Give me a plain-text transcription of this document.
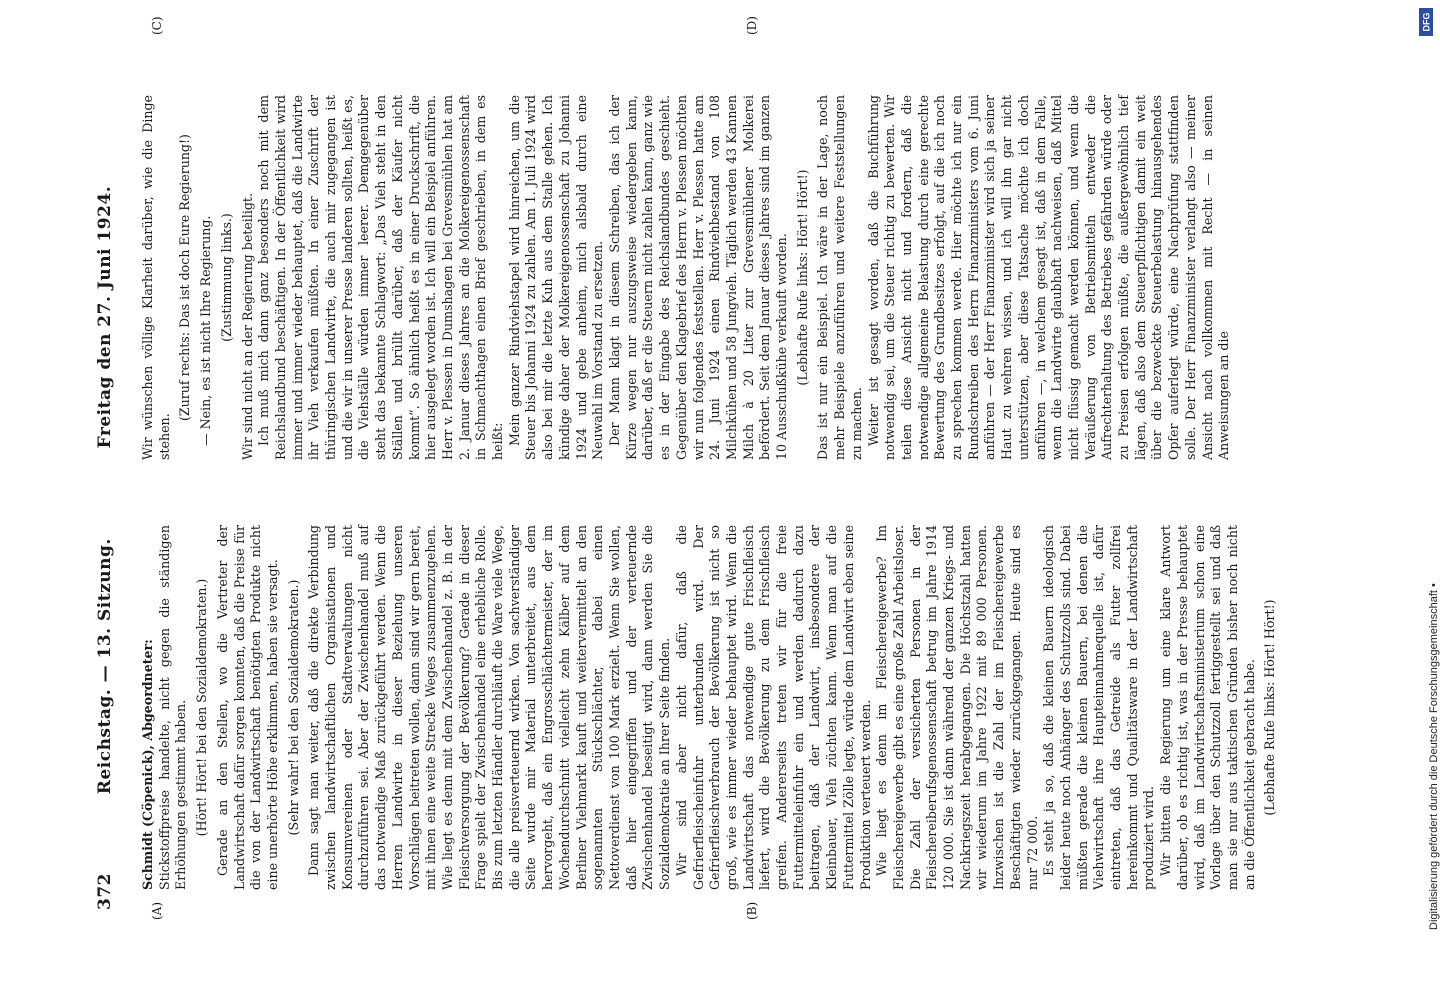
372
Reichstag. — 13. Sitzung.              Freitag den 27. Juni 1924.
(A)	(B)
(C)	(D)

Schmidt (Cöpenick), Abgeordneter: Stickstoffpreise handelte, nicht gegen die ständigen Erhöhungen gestimmt haben. (Hört! Hört! bei den Sozialdemokraten.) Gerade an den Stellen, wo die Vertreter der Landwirtschaft dafür sorgen konnten, daß die Preise für die von der Landwirtschaft benötigten Produkte nicht eine unerhörte Höhe erklimmen, haben sie versagt. (Sehr wahr! bei den Sozialdemokraten.) Dann sagt man weiter, daß die direkte Verbindung zwischen landwirtschaftlichen Organisationen und Konsumvereinen oder Stadtverwaltungen nicht durchzuführen sei. Aber der Zwischenhandel muß auf das notwendige Maß zurückgeführt werden. Wenn die Herren Landwirte in dieser Beziehung unseren Vorschlägen beitreten wollen, dann sind wir gern bereit, mit ihnen eine weite Strecke Weges zusammenzugehen. Wie liegt es denn mit dem Zwischenhandel z. B. in der Fleischversorgung der Bevölkerung? Gerade in dieser Frage spielt der Zwischenhandel eine erhebliche Rolle. Bis zum letzten Händler durchläuft die Ware viele Wege, die alle preisverteuernd wirken. Von sachverständiger Seite wurde mir Material unterbreitet, aus dem hervorgeht, daß ein Engrosschlächtermeister, der im Wochendurchschnitt vielleicht zehn Kälber auf dem Berliner Viehmarkt kauft und weitervermittelt an den sogenannten Stückschlächter, dabei einen Nettoverdienst von 100 Mark erzielt. Wenn Sie wollen, daß hier eingegriffen und der verteuernde Zwischenhandel beseitigt wird, dann werden Sie die Sozialdemokratie an Ihrer Seite finden. Wir sind aber nicht dafür, daß die Gefrierfleischeinfuhr unterbunden wird. Der Gefrierfleischverbrauch der Bevölkerung ist nicht so groß, wie es immer wieder behauptet wird. Wenn die Landwirtschaft das notwendige gute Frischfleisch liefert, wird die Bevölkerung zu dem Frischfleisch greifen. Andererseits treten wir für die freie Futtermitteleinfuhr ein und werden dadurch dazu beitragen, daß der Landwirt, insbesondere der Kleinbauer, Vieh züchten kann. Wenn man auf die Futtermittel Zölle legte, würde dem Landwirt eben seine Produktion verteuert werden. Wie liegt es denn im Fleischereigewerbe? Im Fleischereigewerbe gibt es eine große Zahl Arbeitsloser. Die Zahl der versicherten Personen in der Fleischereiberufsgenossenschaft betrug im Jahre 1914 120 000. Sie ist dann während der ganzen Kriegs- und Nachkriegszeit herabgegangen. Die Höchstzahl hatten wir wiederum im Jahre 1922 mit 89 000 Personen. Inzwischen ist die Zahl der im Fleischereigewerbe Beschäftigten wieder zurückgegangen. Heute sind es nur 72 000. Es steht ja so, daß die kleinen Bauern ideologisch leider heute noch Anhänger des Schutzzolls sind. Dabei müßten gerade die kleinen Bauern, bei denen die Viehwirtschaft ihre Haupteinnahmequelle ist, dafür eintreten, daß das Getreide als Futter zollfrei hereinkommt und Qualitätsware in der Landwirtschaft produziert wird. Wir bitten die Regierung um eine klare Antwort darüber, ob es richtig ist, was in der Presse behauptet wird, daß im Landwirtschaftsministerium schon eine Vorlage über den Schutzzoll fertiggestellt sei und daß man sie nur aus taktischen Gründen bisher noch nicht an die Öffentlichkeit gebracht habe. (Lebhafte Rufe links: Hört! Hört!)

Wir wünschen völlige Klarheit darüber, wie die Dinge stehen.

(Zuruf rechts: Das ist doch Eure Regierung!) — Nein, es ist nicht Ihre Regierung. (Zustimmung links.) Wir sind nicht an der Regierung beteiligt. Ich muß mich dann ganz besonders noch mit dem Reichslandbund beschäftigen. In der Öffentlichkeit wird immer und immer wieder behauptet, daß die Landwirte ihr Vieh verkaufen müßten. In einer Zuschrift der thüringischen Landwirte, die auch mir zugegangen ist und die wir in unserer Presse landeren sollten, heißt es, die Viehställe würden immer leerer. Demgegenüber steht das bekannte Schlagwort: „Das Vieh steht in den Ställen und brüllt darüber, daß der Käufer nicht kommt“. So ähnlich heißt es in einer Druckschrift, die hier ausgelegt worden ist. Ich will ein Beispiel anführen. Herr v. Plessen in Dumshagen bei Grevesmühlen hat am 2. Januar dieses Jahres an die Molkereigenossenschaft in Schmachthagen einen Brief geschrieben, in dem es heißt: Mein ganzer Rindviehstapel wird hinreichen, um die Steuer bis Johanni 1924 zu zahlen. Am 1. Juli 1924 wird also bei mir die letzte Kuh aus dem Stalle gehen. Ich kündige daher der Molkereigenossenschaft zu Johanni 1924 und gebe anheim, mich alsbald durch eine Neuwahl im Vorstand zu ersetzen. Der Mann klagt in diesem Schreiben, das ich der Kürze wegen nur auszugsweise wiedergeben kann, darüber, daß er die Steuern nicht zahlen kann, ganz wie es in der Eingabe des Reichslandbundes geschieht. Gegenüber den Klagebrief des Herrn v. Plessen möchten wir nun folgendes feststellen. Herr v. Plessen hatte am 24. Juni 1924 einen Rindviehbestand von 108 Milchkühen und 58 Jungvieh. Täglich werden 43 Kannen Milch à 20 Liter zur Grevesmühlener Molkerei befördert. Seit dem Januar dieses Jahres sind im ganzen 10 Ausschußkühe verkauft worden. (Lebhafte Rufe links: Hört! Hört!) Das ist nur ein Beispiel. Ich wäre in der Lage, noch mehr Beispiele anzuführen und weitere Feststellungen zu machen. Weiter ist gesagt worden, daß die Buchführung notwendig sei, um die Steuer richtig zu bewerten. Wir teilen diese Ansicht nicht und fordern, daß die notwendige allgemeine Belastung durch eine gerechte Bewertung des Grundbesitzes erfolgt, auf die ich noch zu sprechen kommen werde. Hier möchte ich nur ein Rundschreiben des Herrn Finanzministers vom 6. Juni anführen — der Herr Finanzminister wird sich ja seiner Haut zu wehren wissen, und ich will ihn gar nicht unterstützen, aber diese Tatsache möchte ich doch anführen —, in welchem gesagt ist, daß in dem Falle, wenn die Landwirte glaubhaft nachweisen, daß Mittel nicht flüssig gemacht werden können, und wenn die Veräußerung von Betriebsmitteln entweder die Aufrechterhaltung des Betriebes gefährden würde oder zu Preisen erfolgen müßte, die außergewöhnlich tief lägen, daß also dem Steuerpflichtigen damit ein weit über die bezweckte Steuerbelastung hinausgehendes Opfer auferlegt würde, eine Nachprüfung stattfinden solle. Der Herr Finanzminister verlangt also — meiner Ansicht nach vollkommen mit Recht — in seinen Anweisungen an die

DFG
Digitalisierung gefördert durch die Deutsche Forschungsgemeinschaft •
